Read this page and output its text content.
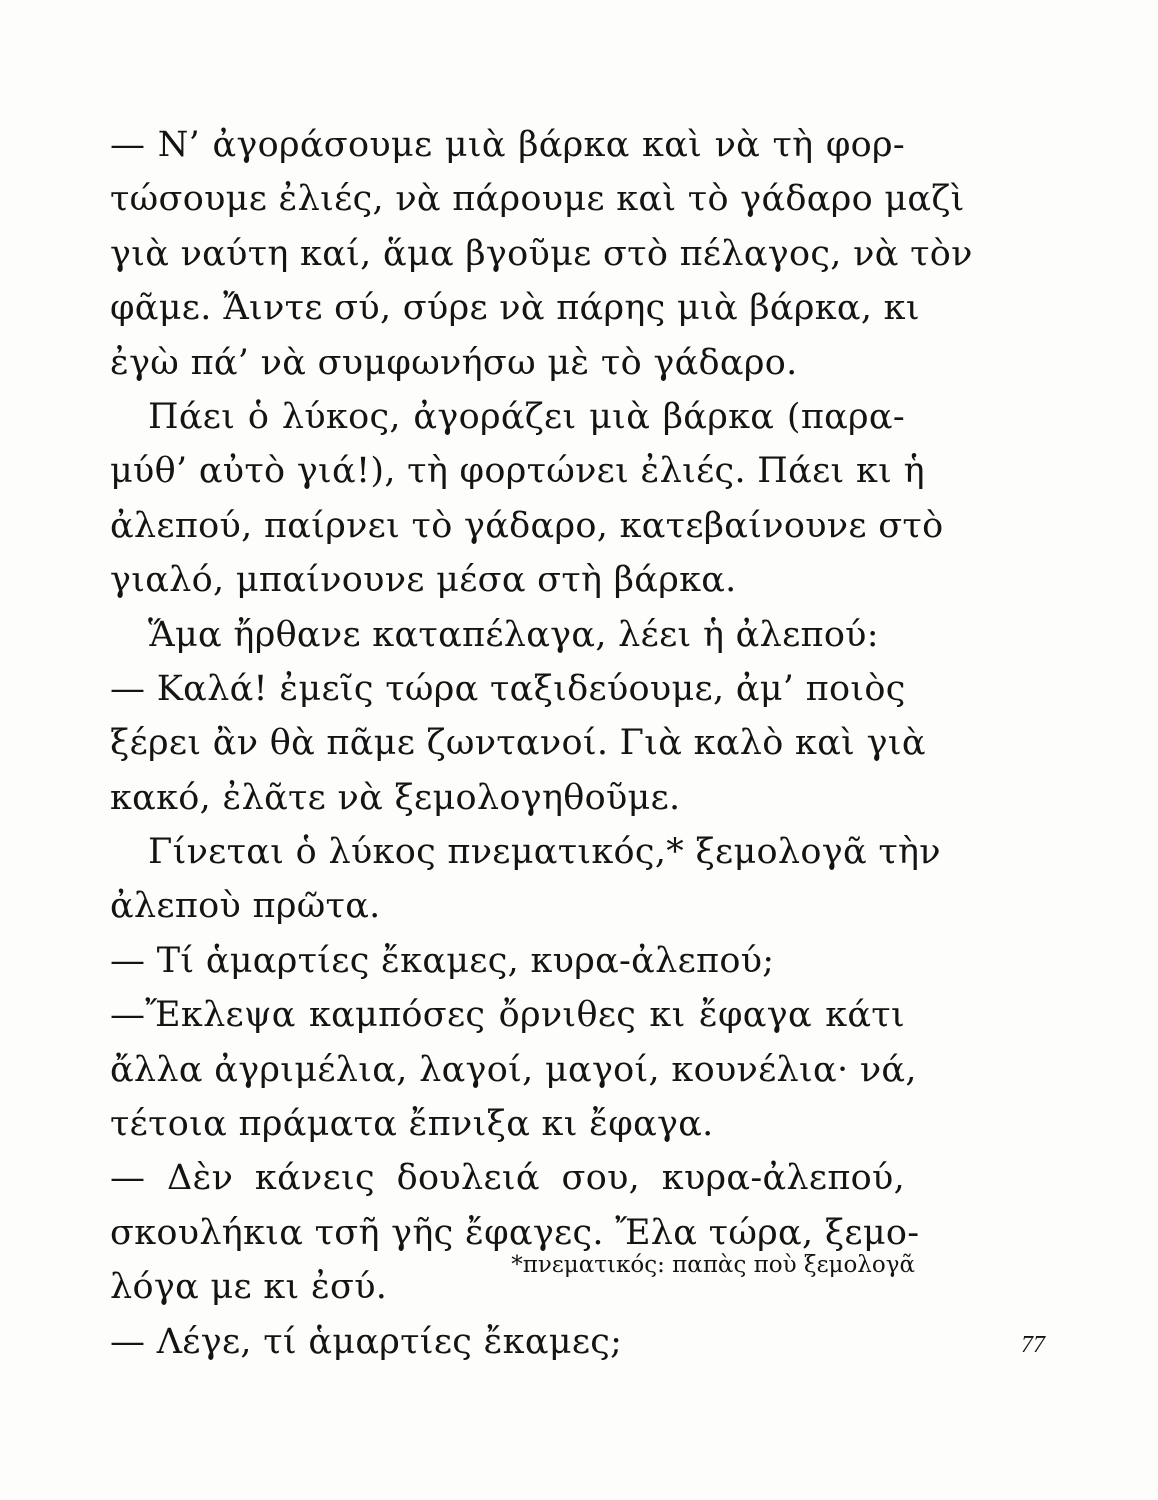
— Ν’ ἀγοράσουμε μιὰ βάρκα καὶ νὰ τὴ φορ-
τώσουμε ἐλιές, νὰ πάρουμε καὶ τὸ γάδαρο μαζὶ
γιὰ ναύτη καί, ἅμα βγοῦμε στὸ πέλαγος, νὰ τὸν
φᾶμε. Ἄιντε σύ, σύρε νὰ πάρης μιὰ βάρκα, κι
ἐγὼ πά’ νὰ συμφωνήσω μὲ τὸ γάδαρο.
Πάει ὁ λύκος, ἀγοράζει μιὰ βάρκα (παρα-
μύθ’ αὐτὸ γιά!), τὴ φορτώνει ἐλιές. Πάει κι ἡ
ἀλεπού, παίρνει τὸ γάδαρο, κατεβαίνουνε στὸ
γιαλό, μπαίνουνε μέσα στὴ βάρκα.
Ἅμα ἤρθανε καταπέλαγα, λέει ἡ ἀλεπού:
— Καλά! ἐμεῖς τώρα ταξιδεύουμε, ἀμ’ ποιὸς
ξέρει ἂν θὰ πᾶμε ζωντανοί. Γιὰ καλὸ καὶ γιὰ
κακό, ἐλᾶτε νὰ ξεμολογηθοῦμε.
Γίνεται ὁ λύκος πνεματικός,* ξεμολογᾶ τὴν
ἀλεποὺ πρῶτα.
— Τί ἁμαρτίες ἔκαμες, κυρα-ἀλεπού;
—Ἔκλεψα καμπόσες ὄρνιθες κι ἔφαγα κάτι
ἄλλα ἀγριμέλια, λαγοί, μαγοί, κουνέλια· νά,
τέτοια πράματα ἔπνιξα κι ἔφαγα.
— Δὲν κάνεις δουλειά σου, κυρα-ἀλεπού,
σκουλήκια τσῆ γῆς ἔφαγες. Ἔλα τώρα, ξεμο-
λόγα με κι ἐσύ.
— Λέγε, τί ἁμαρτίες ἔκαμες;
*πνεματικός: παπὰς ποὺ ξεμολογᾶ
77
